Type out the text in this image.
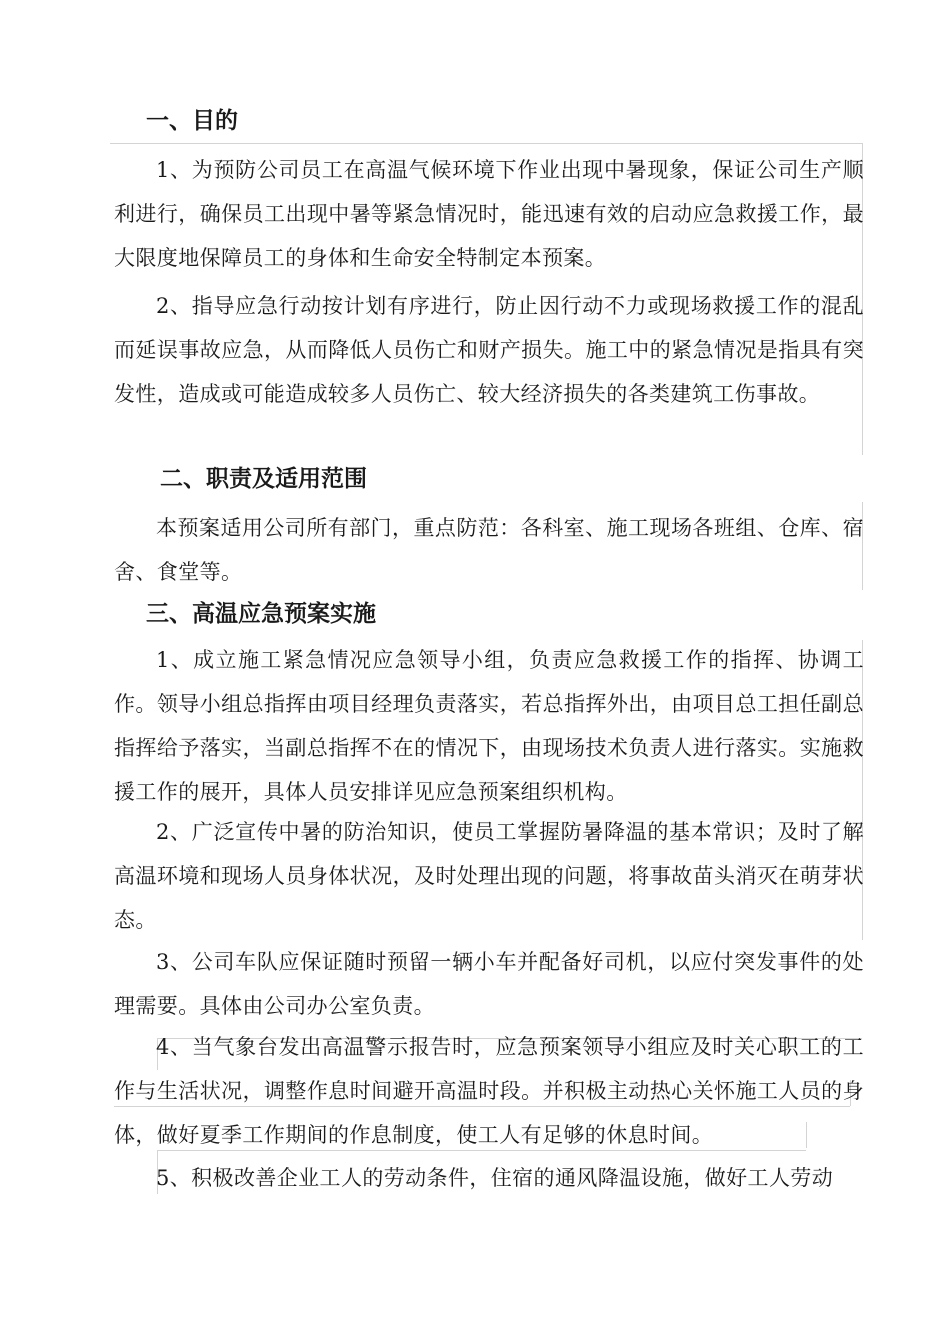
一、目的

1、为预防公司员工在高温气候环境下作业出现中暑现象，保证公司生产顺利进行，确保员工出现中暑等紧急情况时，能迅速有效的启动应急救援工作，最大限度地保障员工的身体和生命安全特制定本预案。

2、指导应急行动按计划有序进行，防止因行动不力或现场救援工作的混乱而延误事故应急，从而降低人员伤亡和财产损失。施工中的紧急情况是指具有突发性，造成或可能造成较多人员伤亡、较大经济损失的各类建筑工伤事故。

二、职责及适用范围

本预案适用公司所有部门，重点防范：各科室、施工现场各班组、仓库、宿舍、食堂等。

三、高温应急预案实施

1、成立施工紧急情况应急领导小组，负责应急救援工作的指挥、协调工作。领导小组总指挥由项目经理负责落实，若总指挥外出，由项目总工担任副总指挥给予落实，当副总指挥不在的情况下，由现场技术负责人进行落实。实施救援工作的展开，具体人员安排详见应急预案组织机构。

2、广泛宣传中暑的防治知识，使员工掌握防暑降温的基本常识；及时了解高温环境和现场人员身体状况，及时处理出现的问题，将事故苗头消灭在萌芽状态。

3、公司车队应保证随时预留一辆小车并配备好司机，以应付突发事件的处理需要。具体由公司办公室负责。

4、当气象台发出高温警示报告时，应急预案领导小组应及时关心职工的工作与生活状况，调整作息时间避开高温时段。并积极主动热心关怀施工人员的身体，做好夏季工作期间的作息制度，使工人有足够的休息时间。

5、积极改善企业工人的劳动条件，住宿的通风降温设施，做好工人劳动
